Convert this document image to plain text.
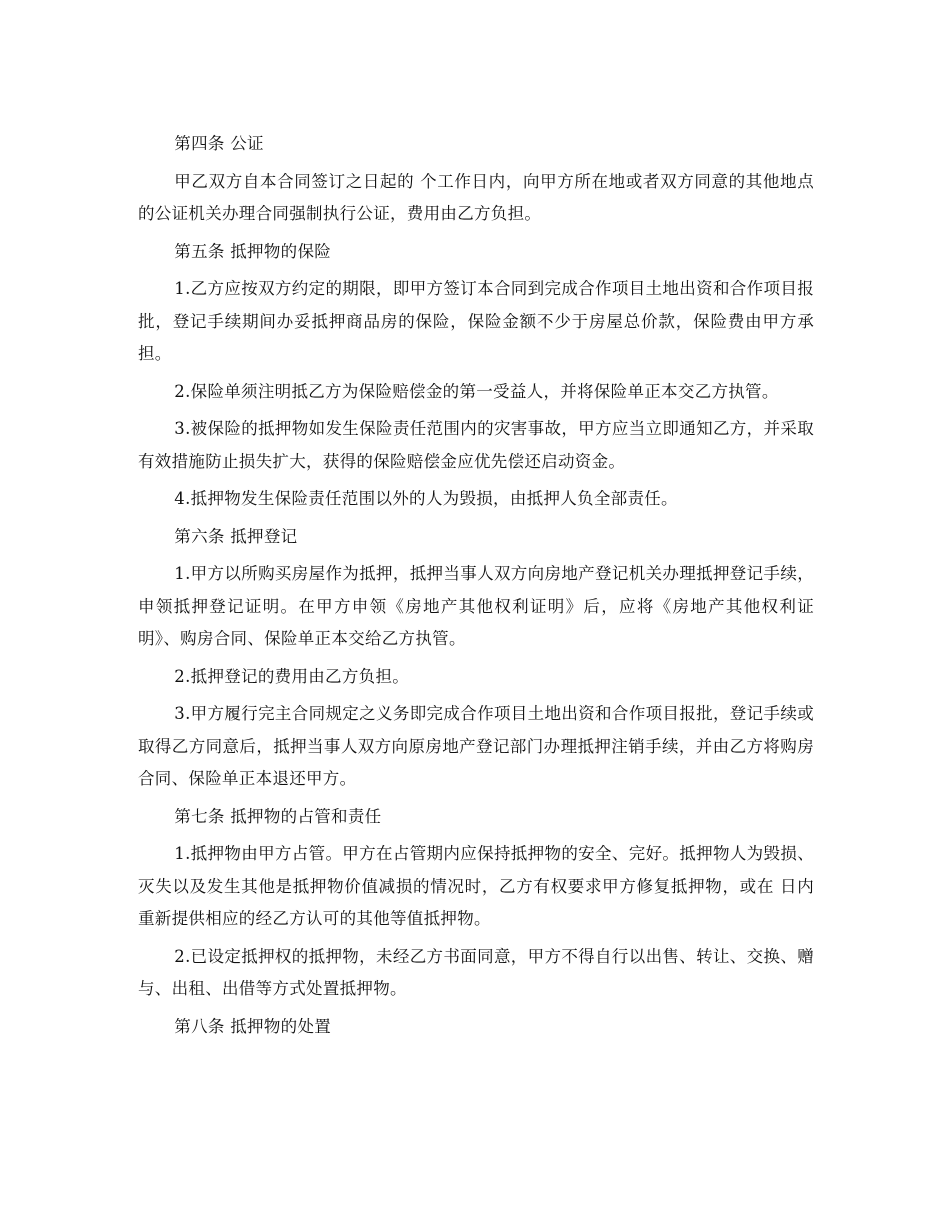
第四条 公证

甲乙双方自本合同签订之日起的 个工作日内，向甲方所在地或者双方同意的其他地点的公证机关办理合同强制执行公证，费用由乙方负担。

第五条 抵押物的保险

1.乙方应按双方约定的期限，即甲方签订本合同到完成合作项目土地出资和合作项目报批，登记手续期间办妥抵押商品房的保险，保险金额不少于房屋总价款，保险费由甲方承担。

2.保险单须注明抵乙方为保险赔偿金的第一受益人，并将保险单正本交乙方执管。

3.被保险的抵押物如发生保险责任范围内的灾害事故，甲方应当立即通知乙方，并采取有效措施防止损失扩大，获得的保险赔偿金应优先偿还启动资金。

4.抵押物发生保险责任范围以外的人为毁损，由抵押人负全部责任。

第六条 抵押登记

1.甲方以所购买房屋作为抵押，抵押当事人双方向房地产登记机关办理抵押登记手续，申领抵押登记证明。在甲方申领《房地产其他权利证明》后，应将《房地产其他权利证明》、购房合同、保险单正本交给乙方执管。

2.抵押登记的费用由乙方负担。

3.甲方履行完主合同规定之义务即完成合作项目土地出资和合作项目报批，登记手续或取得乙方同意后，抵押当事人双方向原房地产登记部门办理抵押注销手续，并由乙方将购房合同、保险单正本退还甲方。

第七条 抵押物的占管和责任

1.抵押物由甲方占管。甲方在占管期内应保持抵押物的安全、完好。抵押物人为毁损、灭失以及发生其他是抵押物价值减损的情况时，乙方有权要求甲方修复抵押物，或在 日内重新提供相应的经乙方认可的其他等值抵押物。

2.已设定抵押权的抵押物，未经乙方书面同意，甲方不得自行以出售、转让、交换、赠与、出租、出借等方式处置抵押物。

第八条 抵押物的处置
